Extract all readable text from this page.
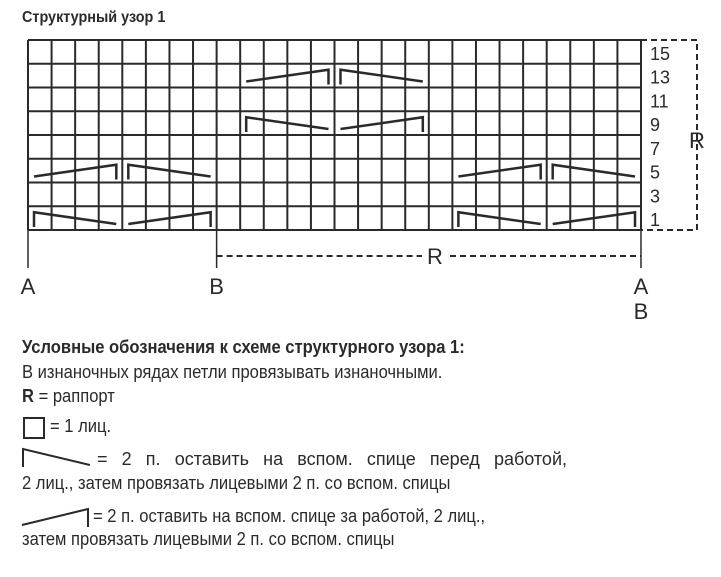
Структурный узор 1
15
13
11
9
7
5
3
1
R
R
A	B	A
B
Условные обозначения к схеме структурного узора 1:
В изнаночных рядах петли провязывать изнаночными.
R = раппорт
= 1 лиц.
= 2 п. оставить на вспом. спице перед работой,
2 лиц., затем провязать лицевыми 2 п. со вспом. спицы
= 2 п. оставить на вспом. спице за работой, 2 лиц.,
затем провязать лицевыми 2 п. со вспом. спицы
